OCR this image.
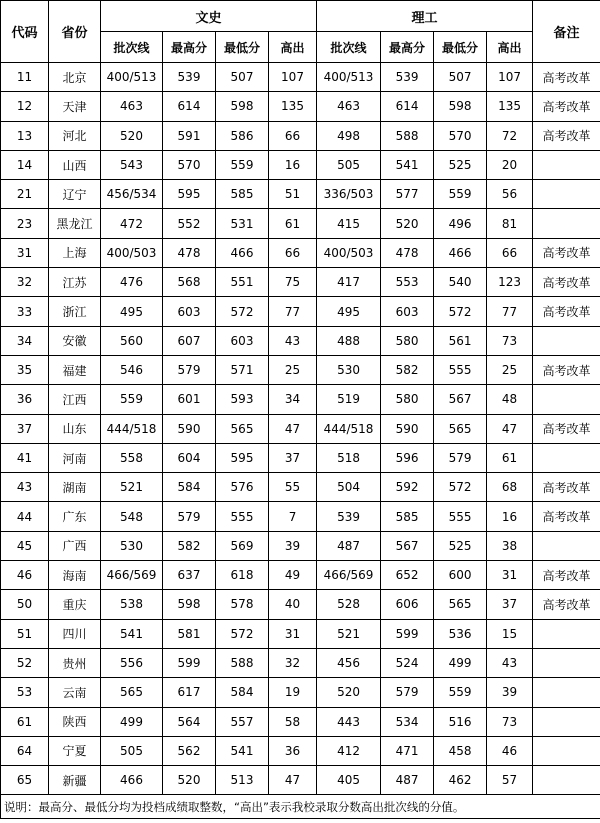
代码	省份	文史				理工				备注
		批次线	最高分	最低分	高出	批次线	最高分	最低分	高出	
11	北京	400/513	539	507	107	400/513	539	507	107	高考改革
12	天津	463	614	598	135	463	614	598	135	高考改革
13	河北	520	591	586	66	498	588	570	72	高考改革
14	山西	543	570	559	16	505	541	525	20	
21	辽宁	456/534	595	585	51	336/503	577	559	56	
23	黑龙江	472	552	531	61	415	520	496	81	
31	上海	400/503	478	466	66	400/503	478	466	66	高考改革
32	江苏	476	568	551	75	417	553	540	123	高考改革
33	浙江	495	603	572	77	495	603	572	77	高考改革
34	安徽	560	607	603	43	488	580	561	73	
35	福建	546	579	571	25	530	582	555	25	高考改革
36	江西	559	601	593	34	519	580	567	48	
37	山东	444/518	590	565	47	444/518	590	565	47	高考改革
41	河南	558	604	595	37	518	596	579	61	
43	湖南	521	584	576	55	504	592	572	68	高考改革
44	广东	548	579	555	7	539	585	555	16	高考改革
45	广西	530	582	569	39	487	567	525	38	
46	海南	466/569	637	618	49	466/569	652	600	31	高考改革
50	重庆	538	598	578	40	528	606	565	37	高考改革
51	四川	541	581	572	31	521	599	536	15	
52	贵州	556	599	588	32	456	524	499	43	
53	云南	565	617	584	19	520	579	559	39	
61	陕西	499	564	557	58	443	534	516	73	
64	宁夏	505	562	541	36	412	471	458	46	
65	新疆	466	520	513	47	405	487	462	57	
说明：最高分、最低分均为投档成绩取整数，“高出”表示我校录取分数高出批次线的分值。										
